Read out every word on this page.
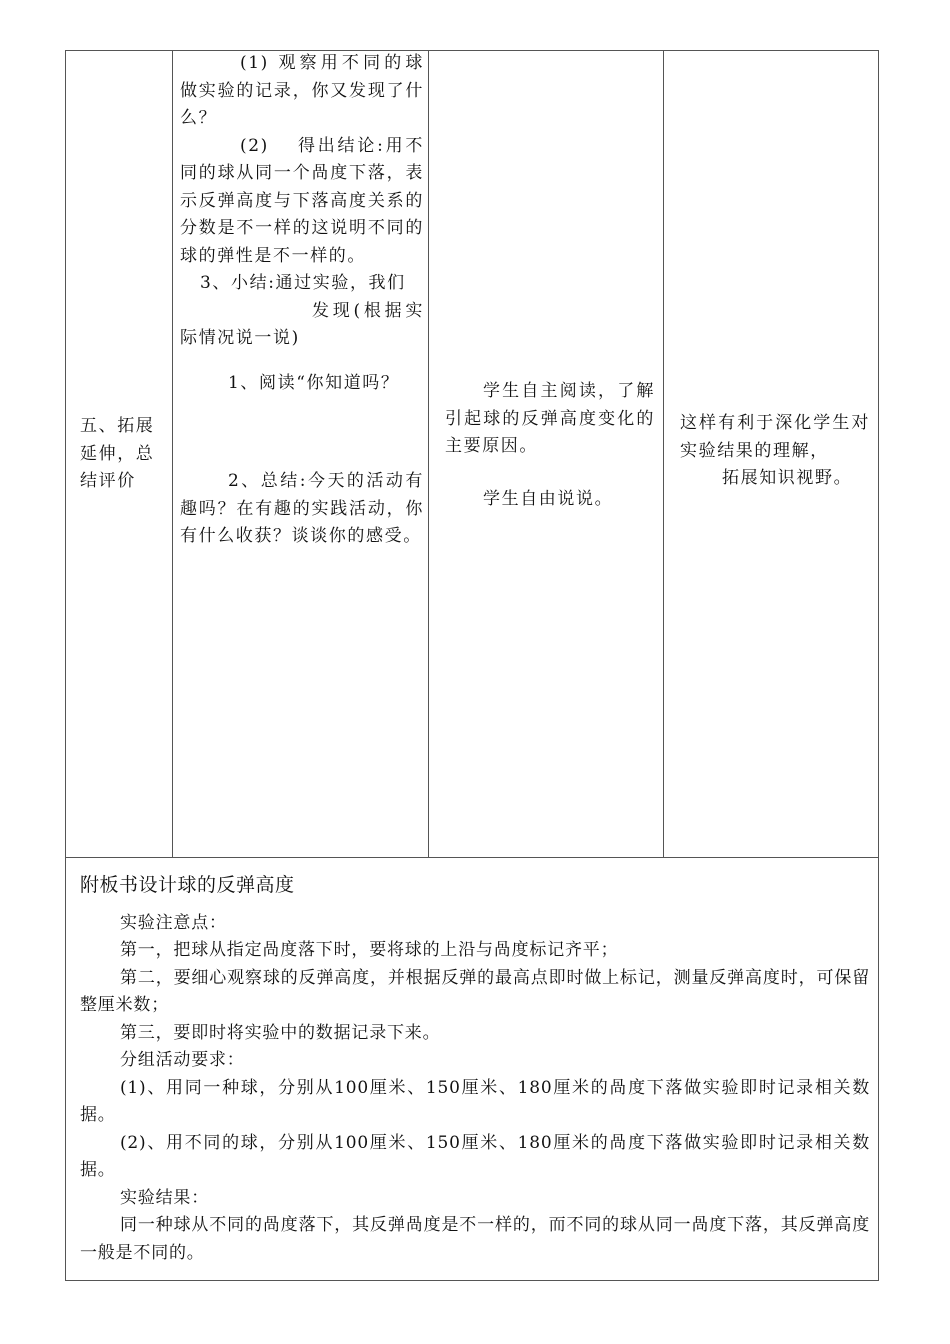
五、拓展延伸，总结评价

(1) 观察用不同的球做实验的记录，你又发现了什么？

(2)　 得出结论:用不同的球从同一个咼度下落，表示反弹高度与下落高度关系的分数是不一样的这说明不同的球的弹性是不一样的。

3、小结:通过实验，我们

发现(根据实际情况说一说)

1、阅读“你知道吗？

2、总结:今天的活动有趣吗？在有趣的实践活动，你有什么收获？谈谈你的感受。

学生自主阅读，了解引起球的反弹高度变化的主要原因。

学生自由说说。

这样有利于深化学生对实验结果的理解，

拓展知识视野。

附板书设计球的反弹高度

实验注意点：

第一，把球从指定咼度落下时，要将球的上沿与咼度标记齐平；

第二，要细心观察球的反弹高度，并根据反弹的最高点即时做上标记，测量反弹高度时，可保留整厘米数；

第三，要即时将实验中的数据记录下来。

分组活动要求：

(1)、用同一种球，分别从100厘米、150厘米、180厘米的咼度下落做实验即时记录相关数据。

(2)、用不同的球，分别从100厘米、150厘米、180厘米的咼度下落做实验即时记录相关数据。

实验结果：

同一种球从不同的咼度落下，其反弹咼度是不一样的，而不同的球从同一咼度下落，其反弹高度一般是不同的。
